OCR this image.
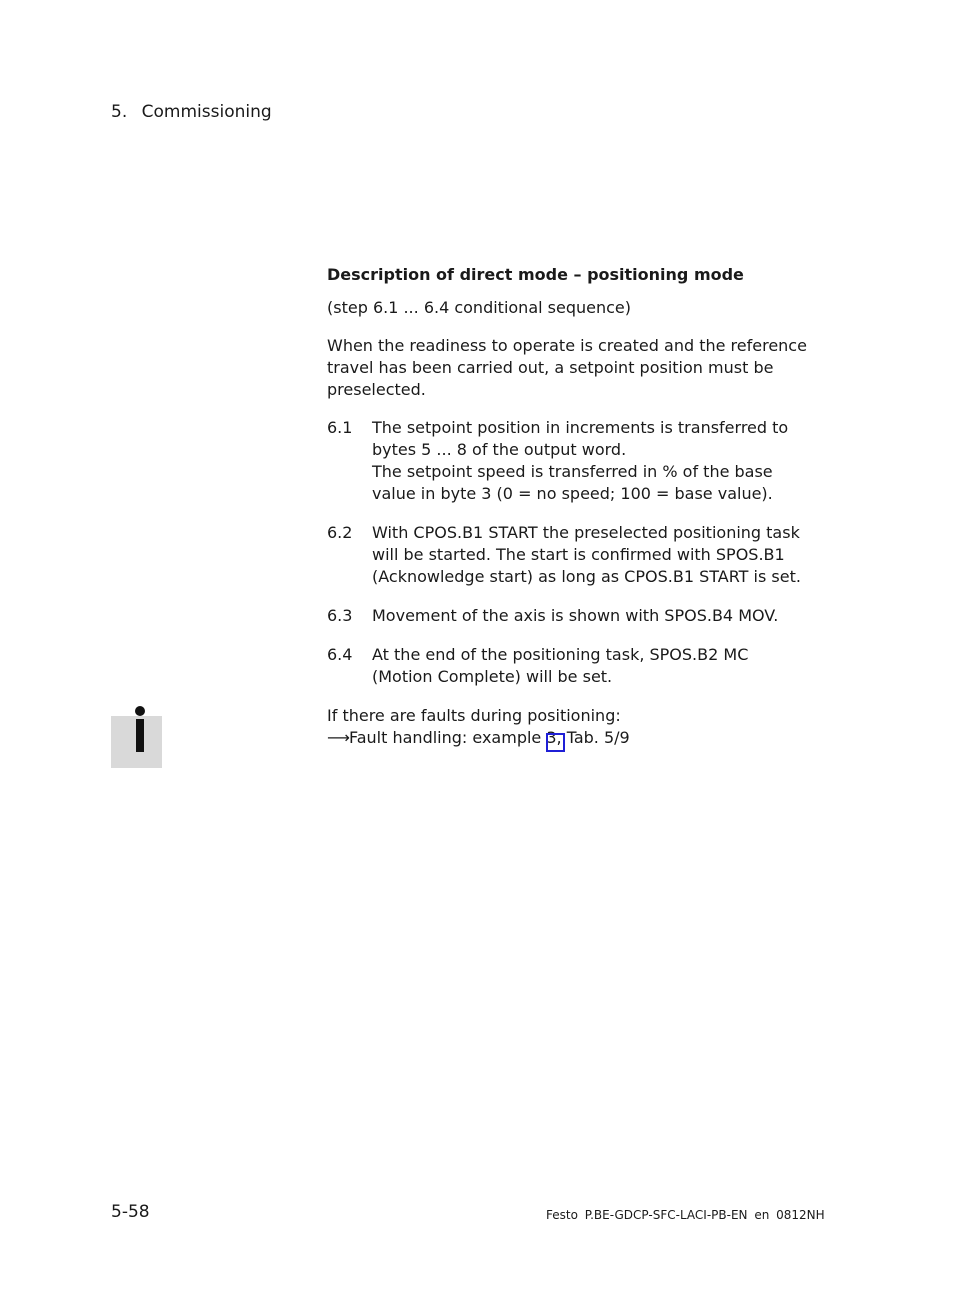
5. Commissioning
Description of direct mode – positioning mode
(step 6.1 ... 6.4 conditional sequence)
When the readiness to operate is created and the reference travel has been carried out, a setpoint position must be preselected.
6.1	The setpoint position in increments is transferred to bytes 5 ... 8 of the output word.
The setpoint speed is transferred in % of the base value in byte 3 (0 = no speed; 100 = base value).
6.2	With CPOS.B1 START the preselected positioning task will be started. The start is confirmed with SPOS.B1 (Acknowledge start) as long as CPOS.B1 START is set.
6.3	Movement of the axis is shown with SPOS.B4 MOV.
6.4	At the end of the positioning task, SPOS.B2 MC (Motion Complete) will be set.
If there are faults during positioning:
⟶Fault handling: example 3, Tab. 5/9
5-58	Festo P.BE-GDCP-SFC-LACI-PB-EN en 0812NH
